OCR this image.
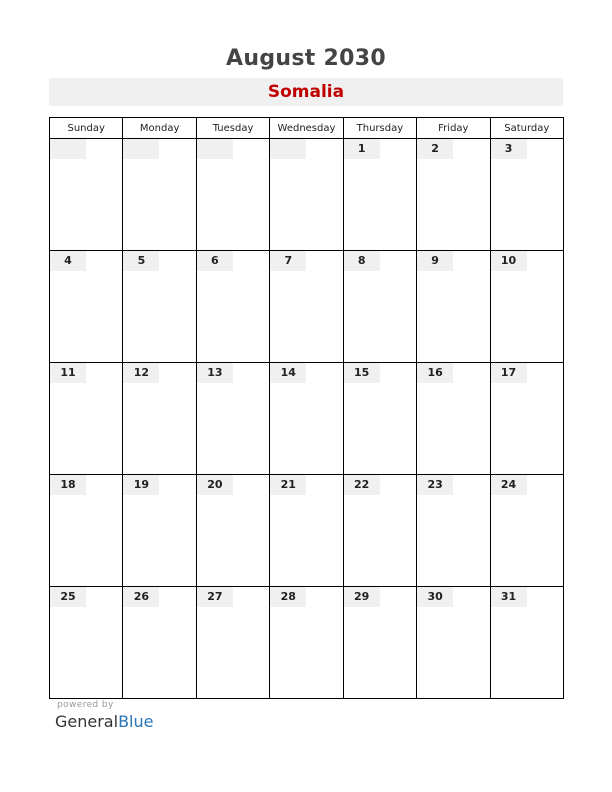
August 2030
Somalia
Sunday	Monday	Tuesday	Wednesday	Thursday	Friday	Saturday

				1	2	3

4	5	6	7	8	9	10

11	12	13	14	15	16	17

18	19	20	21	22	23	24

25	26	27	28	29	30	31
powered by
GeneralBlue
